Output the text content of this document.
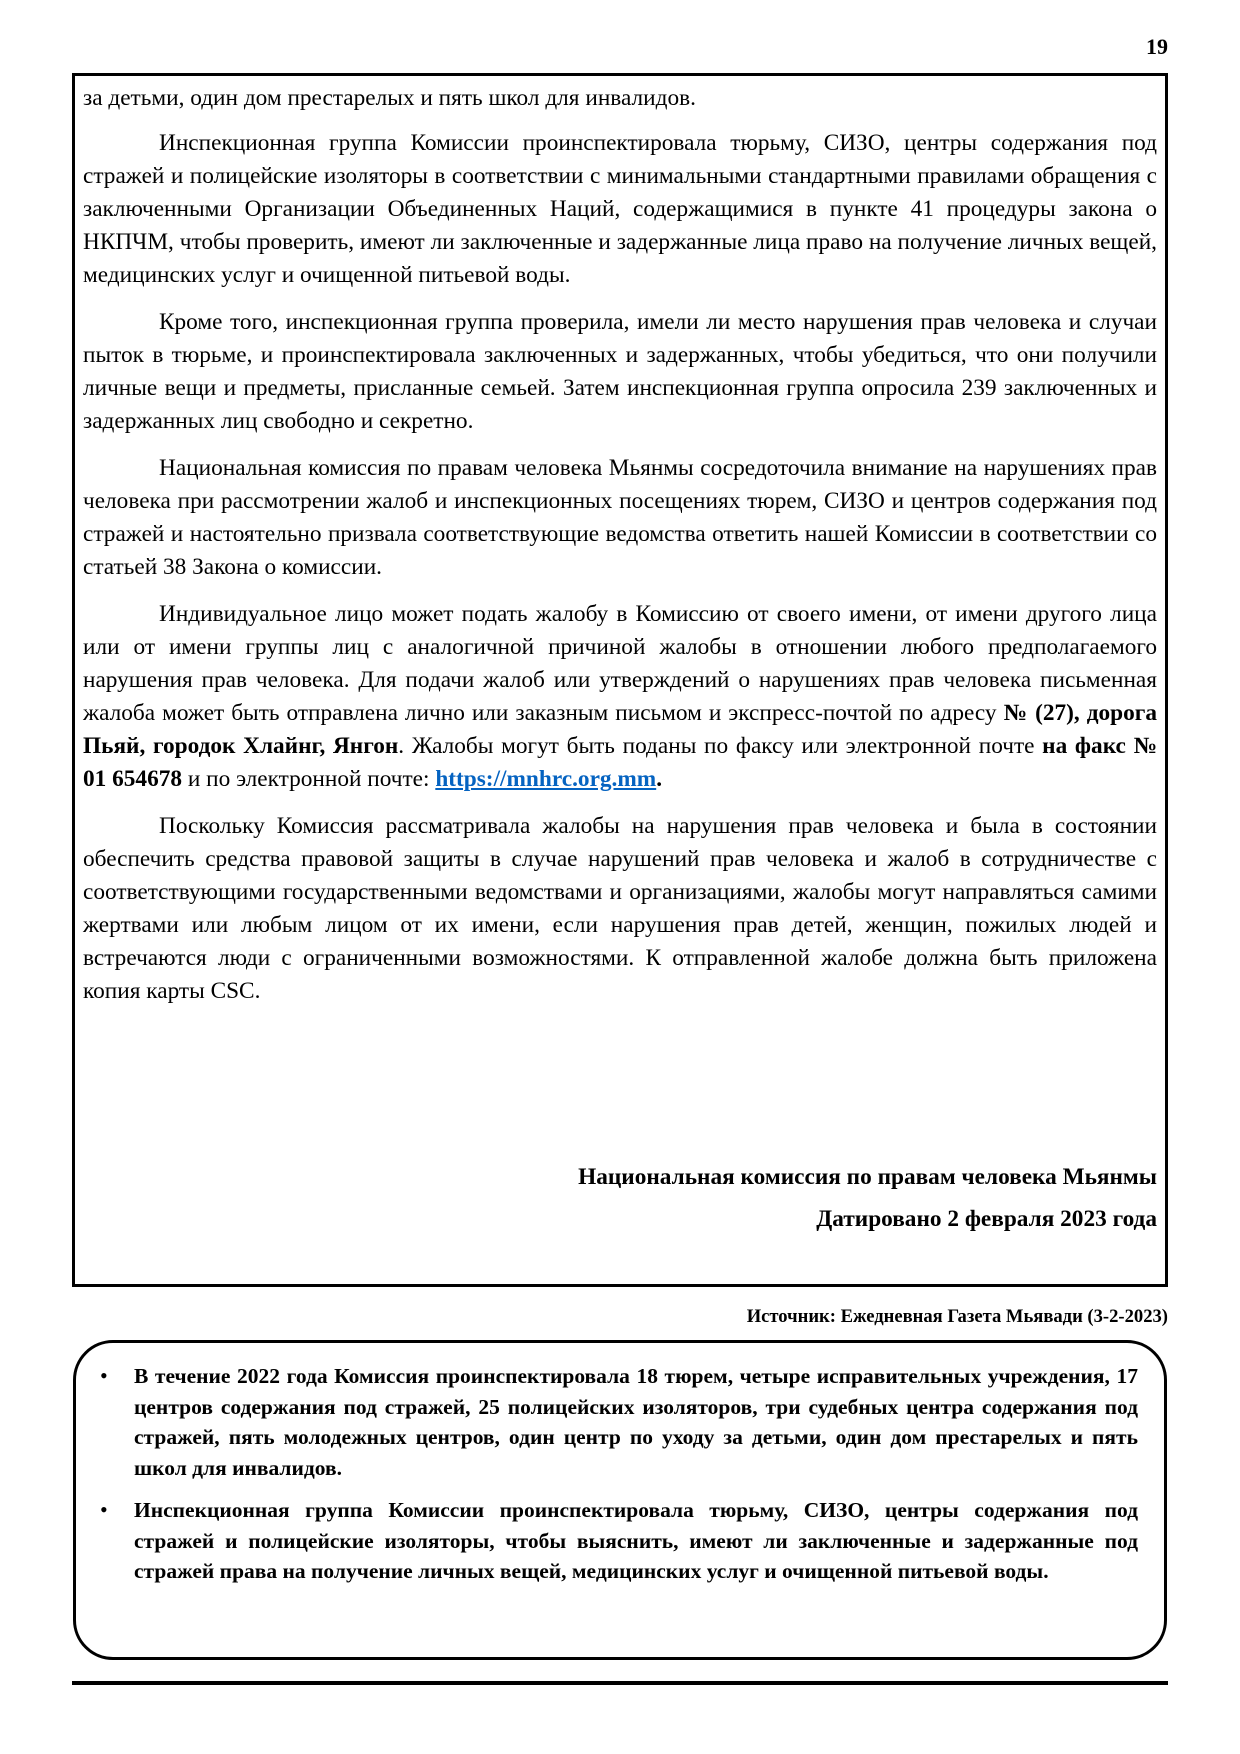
19

за детьми, один дом престарелых и пять школ для инвалидов.

Инспекционная группа Комиссии проинспектировала тюрьму, СИЗО, центры содержания под стражей и полицейские изоляторы в соответствии с минимальными стандартными правилами обращения с заключенными Организации Объединенных Наций, содержащимися в пункте 41 процедуры закона о НКПЧМ, чтобы проверить, имеют ли заключенные и задержанные лица право на получение личных вещей, медицинских услуг и очищенной питьевой воды.

Кроме того, инспекционная группа проверила, имели ли место нарушения прав человека и случаи пыток в тюрьме, и проинспектировала заключенных и задержанных, чтобы убедиться, что они получили личные вещи и предметы, присланные семьей. Затем инспекционная группа опросила 239 заключенных и задержанных лиц свободно и секретно.

Национальная комиссия по правам человека Мьянмы сосредоточила внимание на нарушениях прав человека при рассмотрении жалоб и инспекционных посещениях тюрем, СИЗО и центров содержания под стражей и настоятельно призвала соответствующие ведомства ответить нашей Комиссии в соответствии со статьей 38 Закона о комиссии.

Индивидуальное лицо может подать жалобу в Комиссию от своего имени, от имени другого лица или от имени группы лиц с аналогичной причиной жалобы в отношении любого предполагаемого нарушения прав человека. Для подачи жалоб или утверждений о нарушениях прав человека письменная жалоба может быть отправлена лично или заказным письмом и экспресс-почтой по адресу № (27), дорога Пьяй, городок Хлайнг, Янгон. Жалобы могут быть поданы по факсу или электронной почте на факс № 01 654678 и по электронной почте: https://mnhrc.org.mm.

Поскольку Комиссия рассматривала жалобы на нарушения прав человека и была в состоянии обеспечить средства правовой защиты в случае нарушений прав человека и жалоб в сотрудничестве с соответствующими государственными ведомствами и организациями, жалобы могут направляться самими жертвами или любым лицом от их имени, если нарушения прав детей, женщин, пожилых людей и встречаются люди с ограниченными возможностями. К отправленной жалобе должна быть приложена копия карты CSC.

Национальная комиссия по правам человека Мьянмы
Датировано 2 февраля 2023 года
Источник: Ежедневная Газета Мьявади (3-2-2023)
•	В течение 2022 года Комиссия проинспектировала 18 тюрем, четыре исправительных учреждения, 17 центров содержания под стражей, 25 полицейских изоляторов, три судебных центра содержания под стражей, пять молодежных центров, один центр по уходу за детьми, один дом престарелых и пять школ для инвалидов.
•	Инспекционная группа Комиссии проинспектировала тюрьму, СИЗО, центры содержания под стражей и полицейские изоляторы, чтобы выяснить, имеют ли заключенные и задержанные под стражей права на получение личных вещей, медицинских услуг и очищенной питьевой воды.
